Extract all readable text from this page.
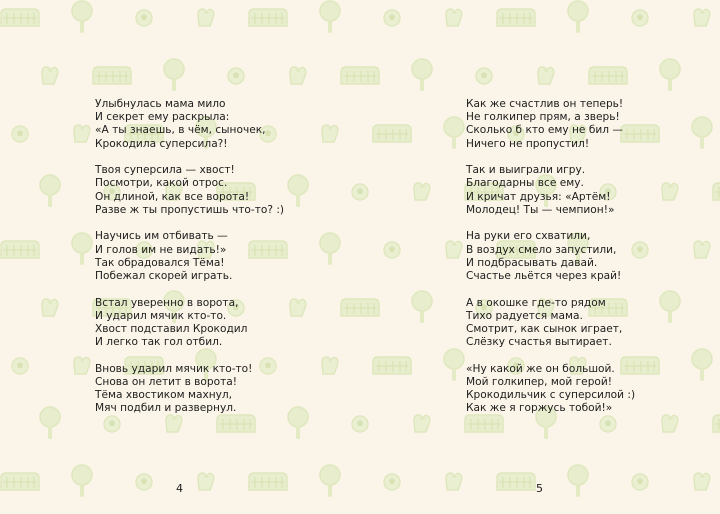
Улыбнулась мама мило
И секрет ему раскрыла:
«А ты знаешь, в чём, сыночек,
Крокодила суперсила?!
Твоя суперсила — хвост!
Посмотри, какой отрос.
Он длиной, как все ворота!
Разве ж ты пропустишь что-то? :)
Научись им отбивать —
И голов им не видать!»
Так обрадовался Тёма!
Побежал скорей играть.
Встал уверенно в ворота,
И ударил мячик кто-то.
Хвост подставил Крокодил
И легко так гол отбил.
Вновь ударил мячик кто-то!
Снова он летит в ворота!
Тёма хвостиком махнул,
Мяч подбил и развернул.
4
Как же счастлив он теперь!
Не голкипер прям, а зверь!
Сколько б кто ему не бил —
Ничего не пропустил!
Так и выиграли игру.
Благодарны все ему.
И кричат друзья: «Артём!
Молодец! Ты — чемпион!»
На руки его схватили,
В воздух смело запустили,
И подбрасывать давай.
Счастье льётся через край!
А в окошке где-то рядом
Тихо радуется мама.
Смотрит, как сынок играет,
Слёзку счастья вытирает.
«Ну какой же он большой.
Мой голкипер, мой герой!
Крокодильчик с суперсилой :)
Как же я горжусь тобой!»
5
